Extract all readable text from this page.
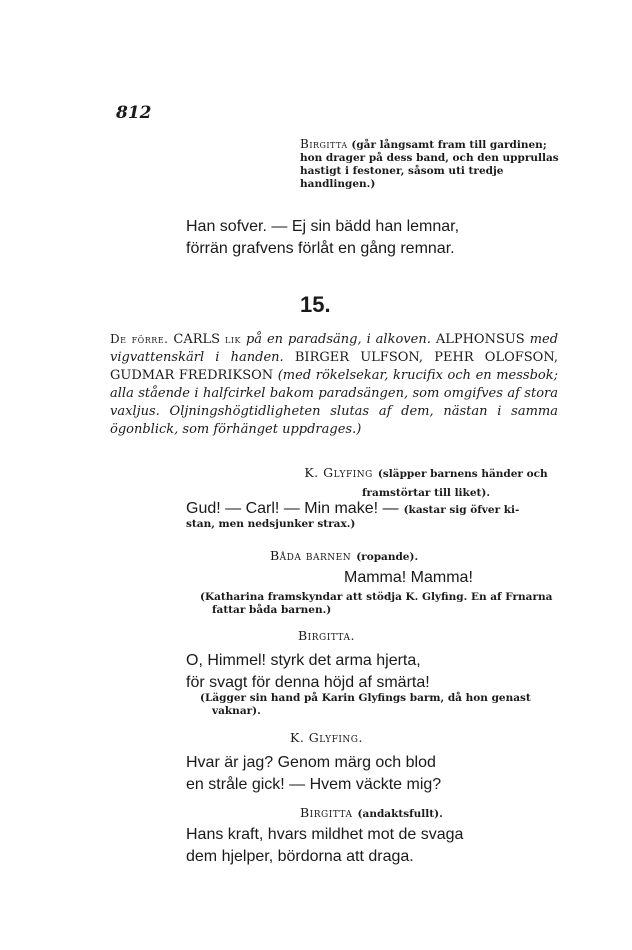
812
Birgitta (går långsamt fram till gardinen; hon drager på dess band, och den upprullas hastigt i festoner, såsom uti tredje handlingen.)
Han sofver. — Ej sin bädd han lemnar,
förrän grafvens förlåt en gång remnar.
15.
De förre. CARLS lik på en paradsäng, i alkoven. ALPHONSUS med vigvattenskärl i handen. BIRGER ULFSON, PEHR OLOFSON, GUDMAR FREDRIKSON (med rökelsekar, krucifix och en messbok; alla stående i halfcirkel bakom paradsängen, som omgifves af stora vaxljus. Oljningshögtidligheten slutas af dem, nästan i samma ögonblick, som förhänget uppdrages.)
K. Glyfing (släpper barnens händer och framstörtar till liket).
Gud! — Carl! — Min make! — (kastar sig öfver ki-
stan, men nedsjunker strax.)
Båda barnen (ropande).
Mamma! Mamma!
(Katharina framskyndar att stödja K. Glyfing. En af Frnarna fattar båda barnen.)
Birgitta.
O, Himmel! styrk det arma hjerta,
för svagt för denna höjd af smärta!
(Lägger sin hand på Karin Glyfings barm, då hon genast vaknar).
K. Glyfing.
Hvar är jag? Genom märg och blod
en stråle gick! — Hvem väckte mig?
Birgitta (andaktsfullt).
Hans kraft, hvars mildhet mot de svaga
dem hjelper, bördorna att draga.
